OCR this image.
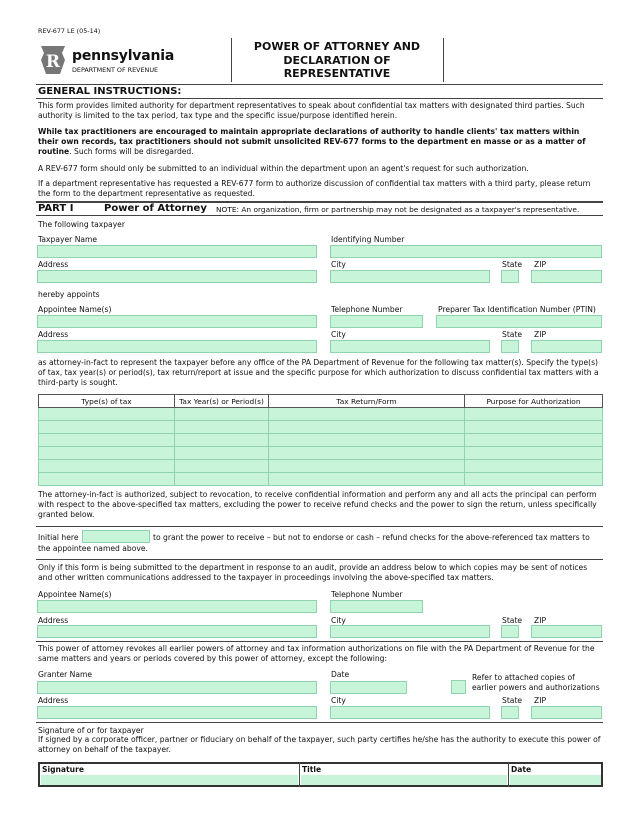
REV-677 LE (05-14)
R pennsylvania
DEPARTMENT OF REVENUE
POWER OF ATTORNEY AND
DECLARATION OF
REPRESENTATIVE
GENERAL INSTRUCTIONS:
This form provides limited authority for department representatives to speak about confidential tax matters with designated third parties. Such authority is limited to the tax period, tax type and the specific issue/purpose identified herein.
While tax practitioners are encouraged to maintain appropriate declarations of authority to handle clients' tax matters within their own records, tax practitioners should not submit unsolicited REV-677 forms to the department en masse or as a matter of routine. Such forms will be disregarded.
A REV-677 form should only be submitted to an individual within the department upon an agent's request for such authorization.
If a department representative has requested a REV-677 form to authorize discussion of confidential tax matters with a third party, please return the form to the department representative as requested.
PART I	Power of Attorney NOTE: An organization, firm or partnership may not be designated as a taxpayer's representative.
The following taxpayer
Taxpayer Name	Identifying Number
Address	City	State ZIP
hereby appoints
Appointee Name(s)	Telephone Number	Preparer Tax Identification Number (PTIN)
Address	City	State ZIP
as attorney-in-fact to represent the taxpayer before any office of the PA Department of Revenue for the following tax matter(s). Specify the type(s) of tax, tax year(s) or period(s), tax return/report at issue and the specific purpose for which authorization to discuss confidential tax matters with a third-party is sought.
Type(s) of tax	Tax Year(s) or Period(s)	Tax Return/Form	Purpose for Authorization

The attorney-in-fact is authorized, subject to revocation, to receive confidential information and perform any and all acts the principal can perform with respect to the above-specified tax matters, excluding the power to receive refund checks and the power to sign the return, unless specifically granted below.
Initial here	to grant the power to receive – but not to endorse or cash – refund checks for the above-referenced tax matters to
the appointee named above.
Only if this form is being submitted to the department in response to an audit, provide an address below to which copies may be sent of notices and other written communications addressed to the taxpayer in proceedings involving the above-specified tax matters.
Appointee Name(s)	Telephone Number
Address	City	State ZIP
This power of attorney revokes all earlier powers of attorney and tax information authorizations on file with the PA Department of Revenue for the same matters and years or periods covered by this power of attorney, except the following:
Granter Name	Date	Refer to attached copies of
earlier powers and authorizations
Address	City	State ZIP
Signature of or for taxpayer
If signed by a corporate officer, partner or fiduciary on behalf of the taxpayer, such party certifies he/she has the authority to execute this power of attorney on behalf of the taxpayer.
Signature	Title	Date
